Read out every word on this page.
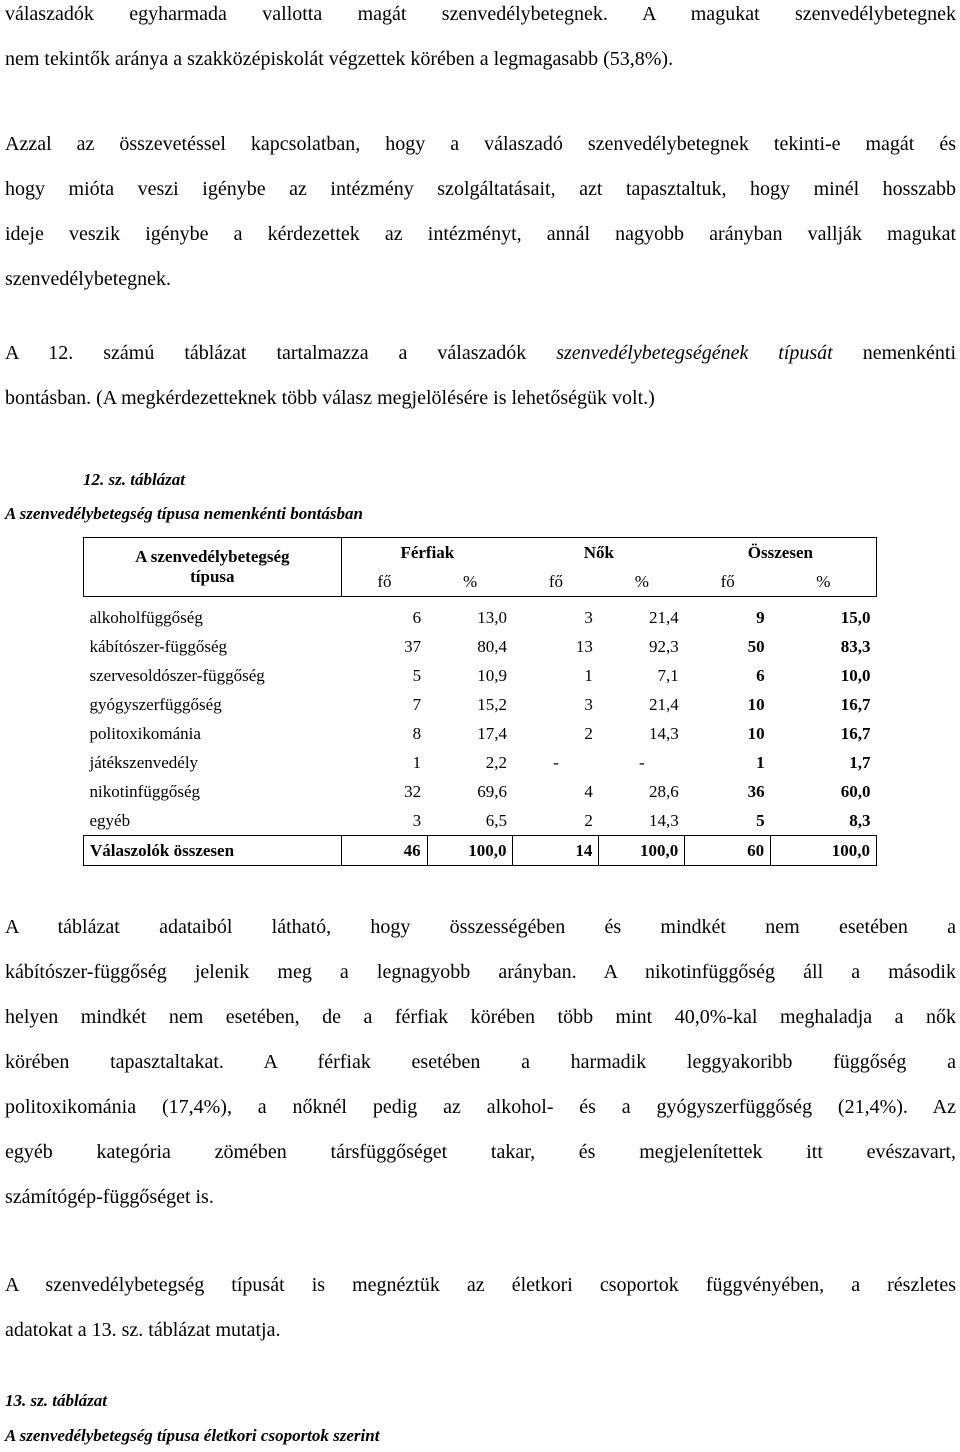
válaszadók egyharmada vallotta magát szenvedélybetegnek. A magukat szenvedélybetegnek
nem tekintők aránya a szakközépiskolát végzettek körében a legmagasabb (53,8%).
Azzal az összevetéssel kapcsolatban, hogy a válaszadó szenvedélybetegnek tekinti-e magát és
hogy mióta veszi igénybe az intézmény szolgáltatásait, azt tapasztaltuk, hogy minél hosszabb
ideje veszik igénybe a kérdezettek az intézményt, annál nagyobb arányban vallják magukat
szenvedélybetegnek.
A 12. számú táblázat tartalmazza a válaszadók szenvedélybetegségének típusát nemenkénti
bontásban. (A megkérdezetteknek több válasz megjelölésére is lehetőségük volt.)

12. sz. táblázat

A szenvedélybetegség típusa nemenkénti bontásban

A szenvedélybetegség
típusa	Férfiak		Nők		Összesen	
	fő	%	fő	%	fő	%

alkoholfüggőség	6	13,0	3	21,4	9	15,0
kábítószer-függőség	37	80,4	13	92,3	50	83,3
szervesoldószer-függőség	5	10,9	1	7,1	6	10,0
gyógyszerfüggőség	7	15,2	3	21,4	10	16,7
politoxikománia	8	17,4	2	14,3	10	16,7
játékszenvedély	1	2,2	-	-	1	1,7
nikotinfüggőség	32	69,6	4	28,6	36	60,0
egyéb	3	6,5	2	14,3	5	8,3
Válaszolók összesen	46	100,0	14	100,0	60	100,0
A táblázat adataiból látható, hogy összességében és mindkét nem esetében a
kábítószer-függőség jelenik meg a legnagyobb arányban. A nikotinfüggőség áll a második
helyen mindkét nem esetében, de a férfiak körében több mint 40,0%-kal meghaladja a nők
körében tapasztaltakat. A férfiak esetében a harmadik leggyakoribb függőség a
politoxikománia (17,4%), a nőknél pedig az alkohol- és a gyógyszerfüggőség (21,4%). Az
egyéb kategória zömében társfüggőséget takar, és megjelenítettek itt evészavart,
számítógép-függőséget is.
A szenvedélybetegség típusát is megnéztük az életkori csoportok függvényében, a részletes
adatokat a 13. sz. táblázat mutatja.

13. sz. táblázat

A szenvedélybetegség típusa életkori csoportok szerint
